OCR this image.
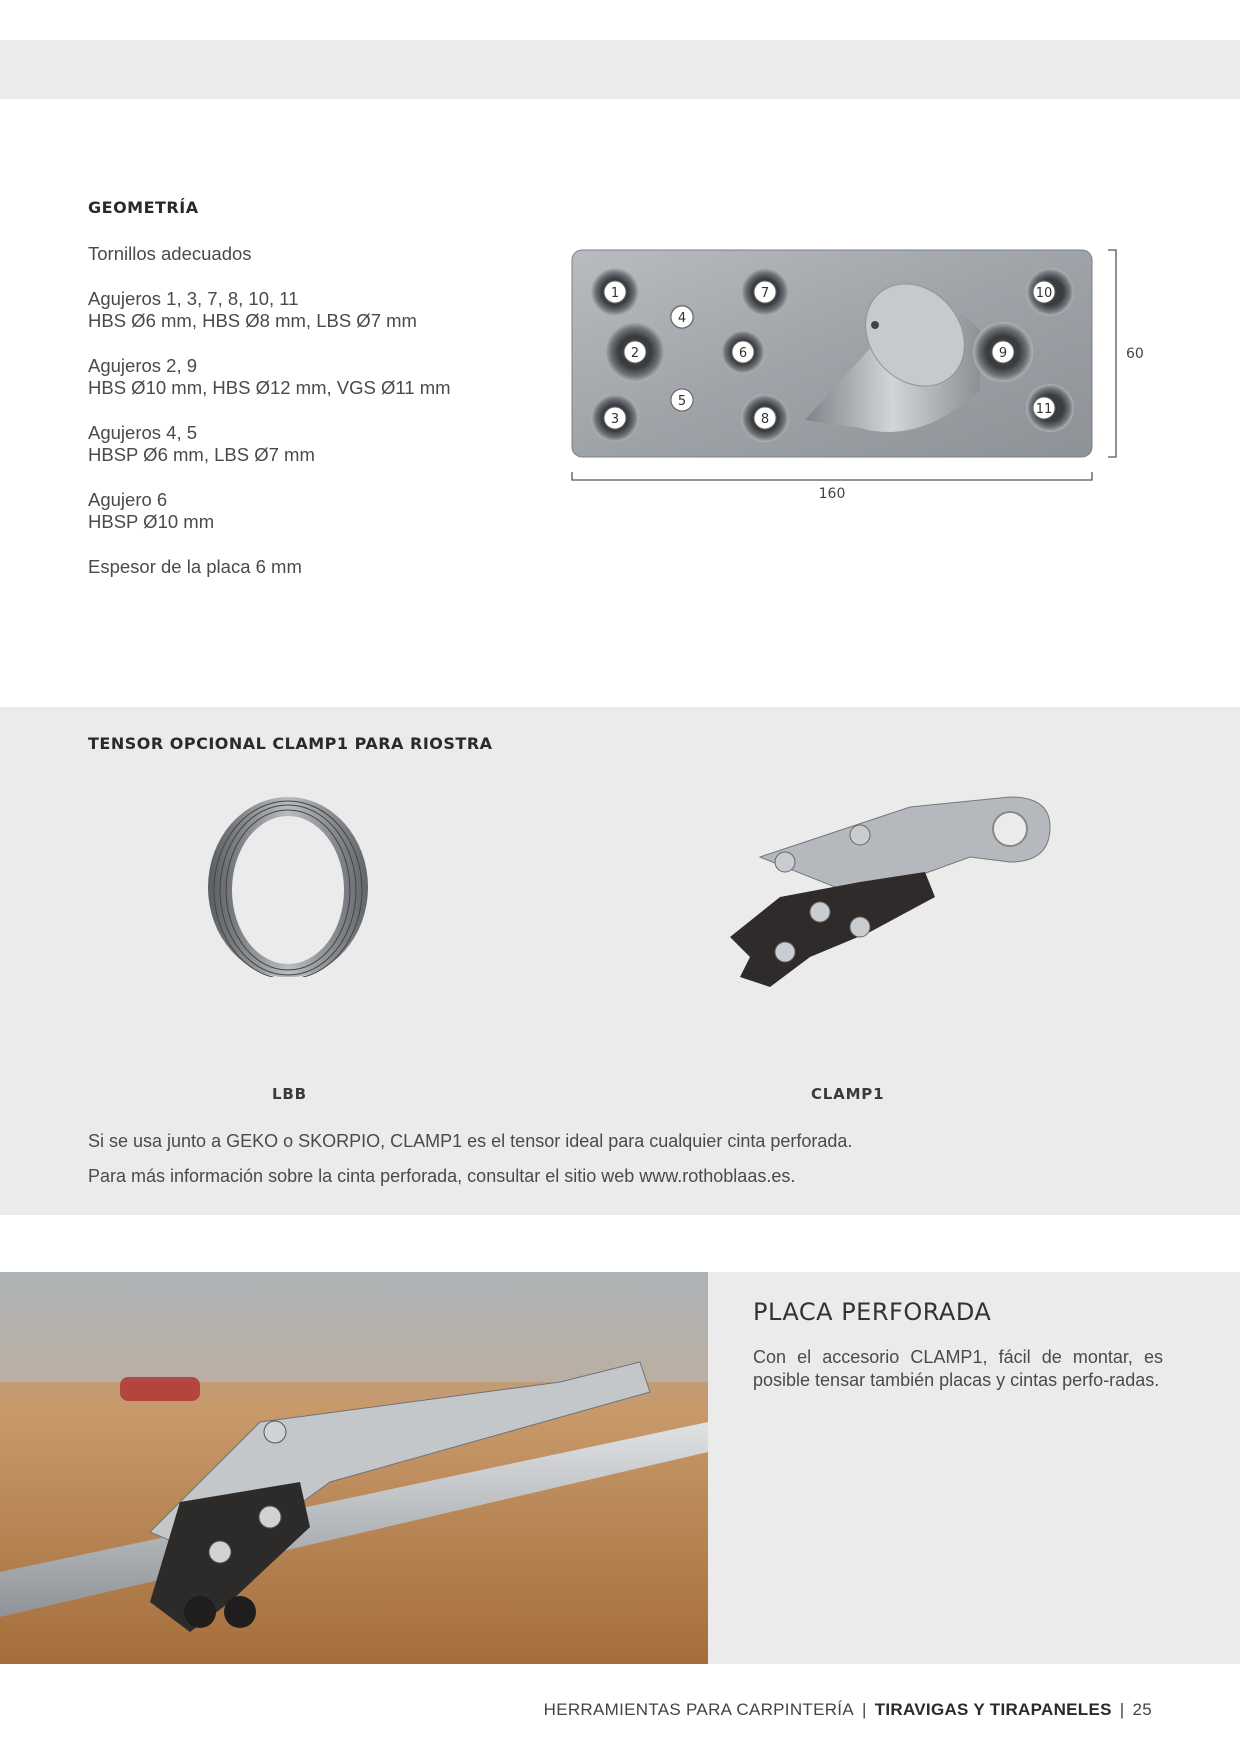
GEOMETRÍA
Tornillos adecuados
Agujeros 1, 3, 7, 8, 10, 11
HBS Ø6 mm, HBS Ø8 mm, LBS Ø7 mm
Agujeros 2, 9
HBS Ø10 mm, HBS Ø12 mm, VGS Ø11 mm
Agujeros 4, 5
HBSP Ø6 mm, LBS Ø7 mm
Agujero 6
HBSP Ø10 mm
Espesor de la placa 6 mm
1
2
3
4
5
6
7
8
9
10
11
60
160
TENSOR OPCIONAL CLAMP1 PARA RIOSTRA
LBB	CLAMP1
Si se usa junto a GEKO o SKORPIO, CLAMP1 es el tensor ideal para cualquier cinta perforada.
Para más información sobre la cinta perforada, consultar el sitio web www.rothoblaas.es.
PLACA PERFORADA
Con el accesorio CLAMP1, fácil de montar, es posible tensar también placas y cintas perfo-radas.
HERRAMIENTAS PARA CARPINTERÍA | TIRAVIGAS Y TIRAPANELES | 25
